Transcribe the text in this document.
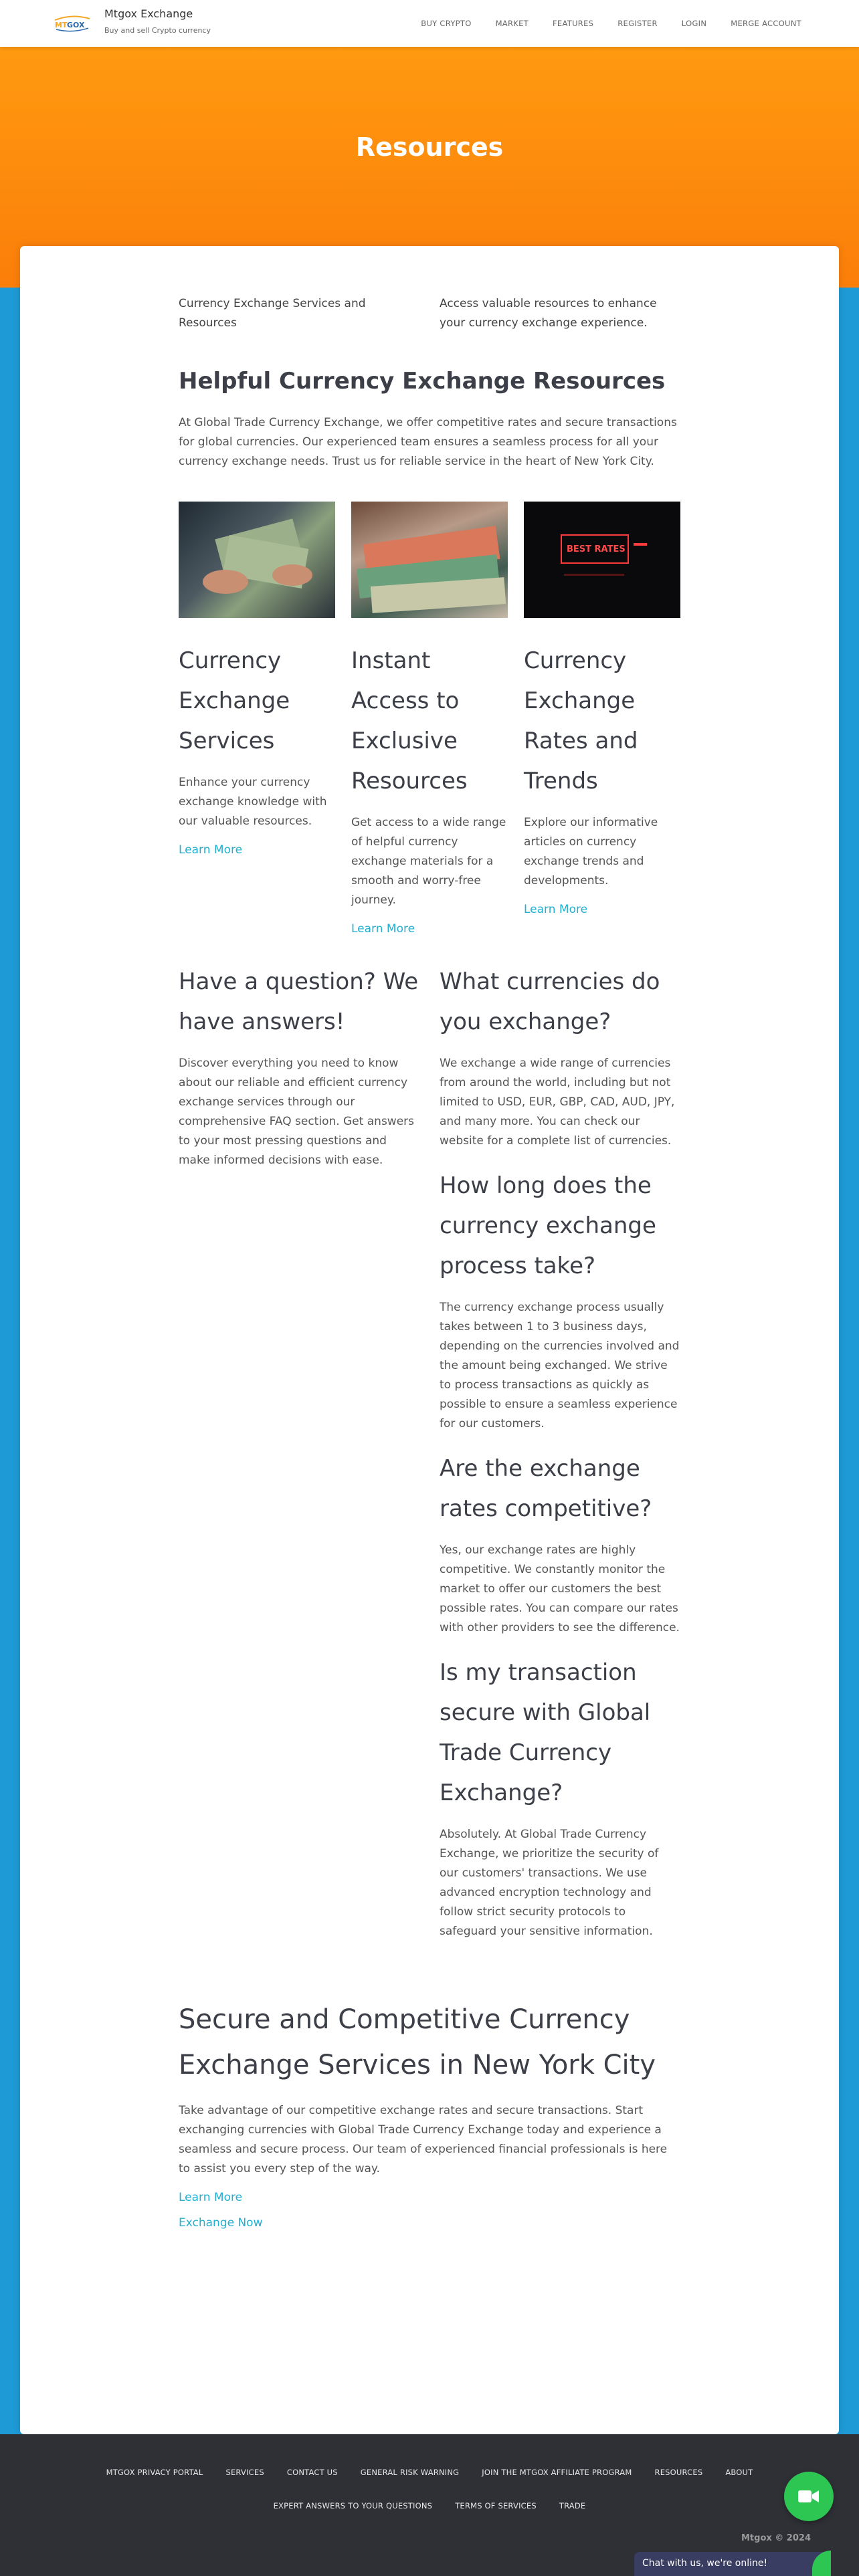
MT GOX
Mtgox Exchange
Buy and sell Crypto currency
BUY CRYPTO	MARKET	FEATURES	REGISTER	LOGIN	MERGE ACCOUNT
Resources

Currency Exchange Services and Resources

Access valuable resources to enhance your currency exchange experience.

Helpful Currency Exchange Resources

At Global Trade Currency Exchange, we offer competitive rates and secure transactions for global currencies. Our experienced team ensures a seamless process for all your currency exchange needs. Trust us for reliable service in the heart of New York City.

Currency Exchange Services

Enhance your currency exchange knowledge with our valuable resources.

Learn More
Instant Access to Exclusive Resources

Get access to a wide range of helpful currency exchange materials for a smooth and worry-free journey.

Learn More
BEST RATES
Currency Exchange Rates and Trends

Explore our informative articles on currency exchange trends and developments.

Learn More
Have a question? We have answers!

Discover everything you need to know about our reliable and efficient currency exchange services through our comprehensive FAQ section. Get answers to your most pressing questions and make informed decisions with ease.

What currencies do you exchange?

We exchange a wide range of currencies from around the world, including but not limited to USD, EUR, GBP, CAD, AUD, JPY, and many more. You can check our website for a complete list of currencies.

How long does the currency exchange process take?

The currency exchange process usually takes between 1 to 3 business days, depending on the currencies involved and the amount being exchanged. We strive to process transactions as quickly as possible to ensure a seamless experience for our customers.

Are the exchange rates competitive?

Yes, our exchange rates are highly competitive. We constantly monitor the market to offer our customers the best possible rates. You can compare our rates with other providers to see the difference.

Is my transaction secure with Global Trade Currency Exchange?

Absolutely. At Global Trade Currency Exchange, we prioritize the security of our customers' transactions. We use advanced encryption technology and follow strict security protocols to safeguard your sensitive information.

Secure and Competitive Currency Exchange Services in New York City

Take advantage of our competitive exchange rates and secure transactions. Start exchanging currencies with Global Trade Currency Exchange today and experience a seamless and secure process. Our team of experienced financial professionals is here to assist you every step of the way.

Learn More
Exchange Now
MTGOX PRIVACY PORTAL	SERVICES	CONTACT US	GENERAL RISK WARNING	JOIN THE MTGOX AFFILIATE PROGRAM	RESOURCES	ABOUT
EXPERT ANSWERS TO YOUR QUESTIONS	TERMS OF SERVICES	TRADE
Mtgox © 2024
Chat with us, we're online!
